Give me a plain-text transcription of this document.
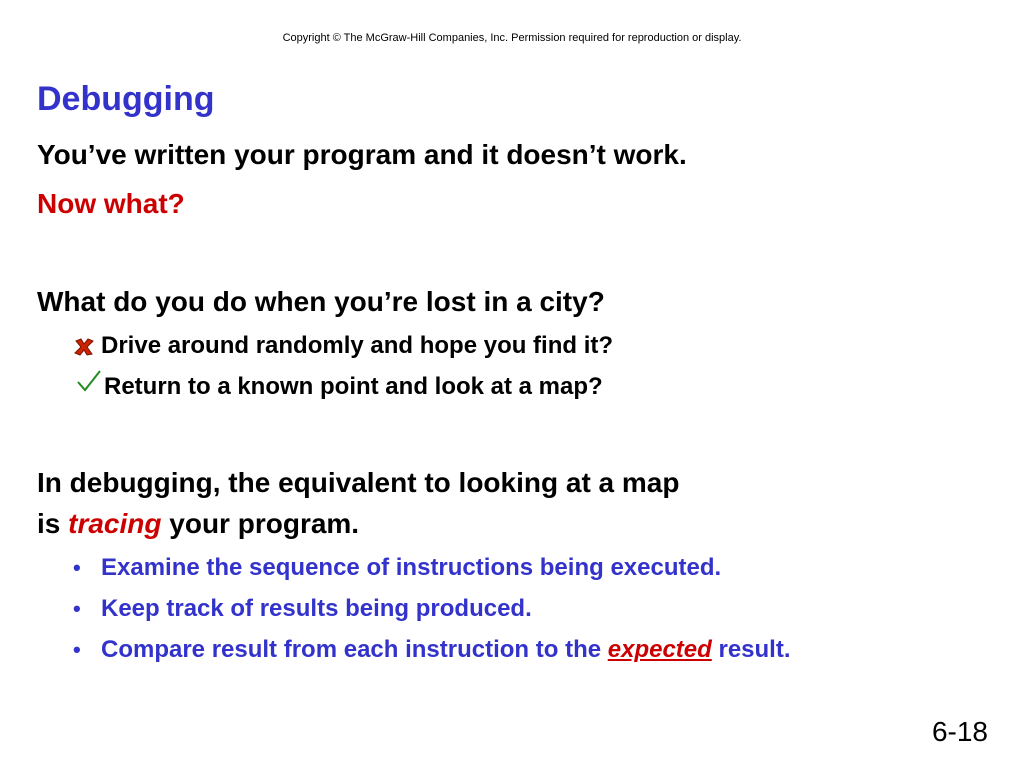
Copyright © The McGraw-Hill Companies, Inc. Permission required for reproduction or display.
Debugging

You’ve written your program and it doesn’t work.

Now what?

What do you do when you’re lost in a city?

Drive around randomly and hope you find it?

Return to a known point and look at a map?

In debugging, the equivalent to looking at a map

is tracing your program.

• Examine the sequence of instructions being executed.

• Keep track of results being produced.

• Compare result from each instruction to the expected result.

6-18
